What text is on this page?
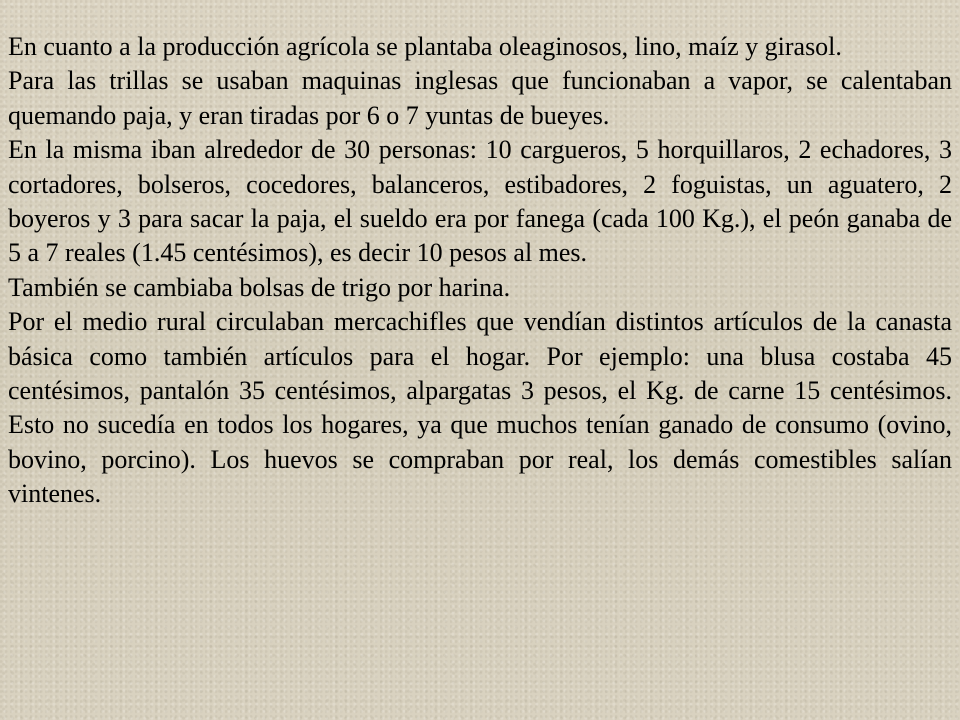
En cuanto a la producción agrícola se plantaba oleaginosos, lino, maíz y girasol.

Para las trillas se usaban maquinas inglesas que funcionaban a vapor, se calentaban quemando paja, y eran tiradas por 6 o 7 yuntas de bueyes.

En la misma iban alrededor de 30 personas: 10 cargueros, 5 horquillaros, 2 echadores, 3 cortadores, bolseros, cocedores, balanceros, estibadores, 2 foguistas, un aguatero, 2 boyeros y 3 para sacar la paja, el sueldo era por fanega (cada 100 Kg.), el peón ganaba de 5 a 7 reales (1.45 centésimos), es decir 10 pesos al mes.

También se cambiaba bolsas de trigo por harina.

Por el medio rural circulaban mercachifles que vendían distintos artículos de la canasta básica como también artículos para el hogar. Por ejemplo: una blusa costaba 45 centésimos, pantalón 35 centésimos, alpargatas 3 pesos, el Kg. de carne 15 centésimos. Esto no sucedía en todos los hogares, ya que muchos tenían ganado de consumo (ovino, bovino, porcino). Los huevos se compraban por real, los demás comestibles salían vintenes.
